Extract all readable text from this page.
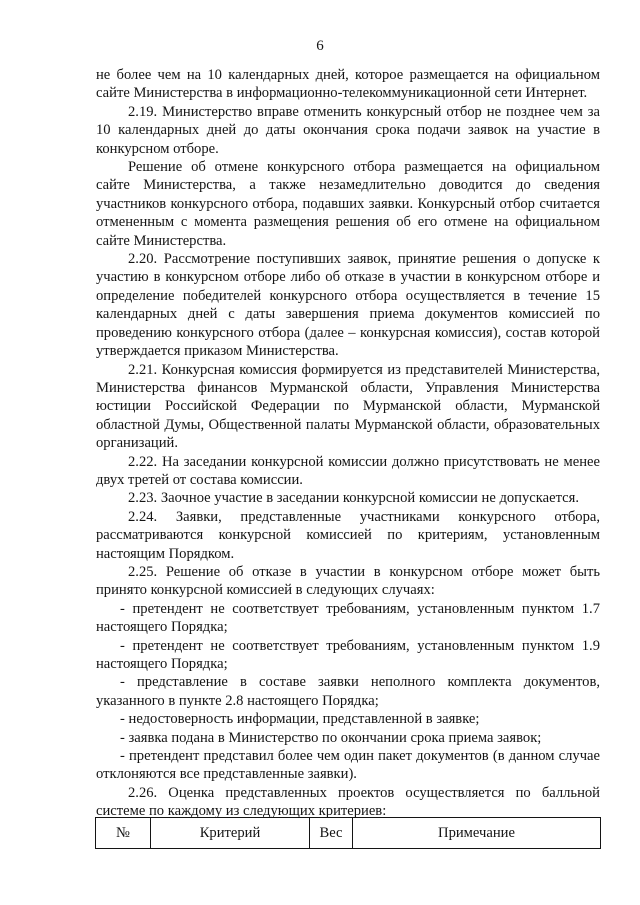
6

не более чем на 10 календарных дней, которое размещается на официальном сайте Министерства в информационно-телекоммуникационной сети Интернет.

2.19. Министерство вправе отменить конкурсный отбор не позднее чем за 10 календарных дней до даты окончания срока подачи заявок на участие в конкурсном отборе.

Решение об отмене конкурсного отбора размещается на официальном сайте Министерства, а также незамедлительно доводится до сведения участников конкурсного отбора, подавших заявки. Конкурсный отбор считается отмененным с момента размещения решения об его отмене на официальном сайте Министерства.

2.20. Рассмотрение поступивших заявок, принятие решения о допуске к участию в конкурсном отборе либо об отказе в участии в конкурсном отборе и определение победителей конкурсного отбора осуществляется в течение 15 календарных дней с даты завершения приема документов комиссией по проведению конкурсного отбора (далее – конкурсная комиссия), состав которой утверждается приказом Министерства.

2.21. Конкурсная комиссия формируется из представителей Министерства, Министерства финансов Мурманской области, Управления Министерства юстиции Российской Федерации по Мурманской области, Мурманской областной Думы, Общественной палаты Мурманской области, образовательных организаций.

2.22. На заседании конкурсной комиссии должно присутствовать не менее двух третей от состава комиссии.

2.23. Заочное участие в заседании конкурсной комиссии не допускается.

2.24. Заявки, представленные участниками конкурсного отбора, рассматриваются конкурсной комиссией по критериям, установленным настоящим Порядком.

2.25. Решение об отказе в участии в конкурсном отборе может быть принято конкурсной комиссией в следующих случаях:

- претендент не соответствует требованиям, установленным пунктом 1.7 настоящего Порядка;

- претендент не соответствует требованиям, установленным пунктом 1.9 настоящего Порядка;

- представление в составе заявки неполного комплекта документов, указанного в пункте 2.8 настоящего Порядка;

- недостоверность информации, представленной в заявке;

- заявка подана в Министерство по окончании срока приема заявок;

- претендент представил более чем один пакет документов (в данном случае отклоняются все представленные заявки).

2.26. Оценка представленных проектов осуществляется по балльной системе по каждому из следующих критериев:

№	Критерий	Вес	Примечание
